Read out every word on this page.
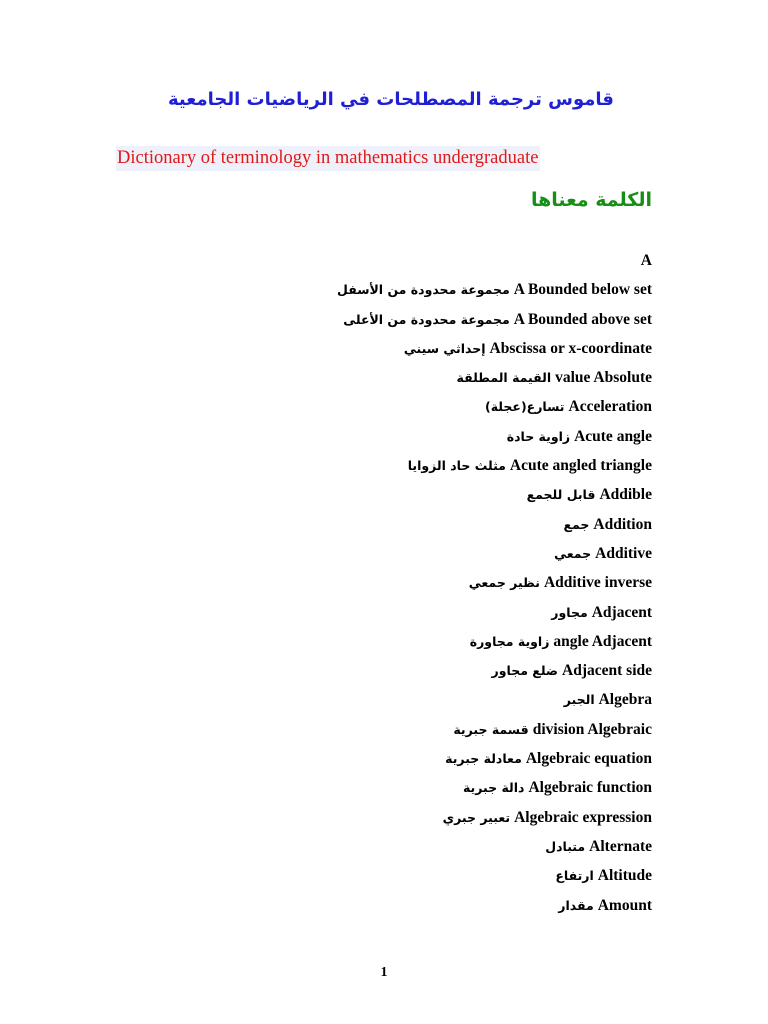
قاموس ترجمة المصطلحات في الرياضيات الجامعية
Dictionary of terminology in mathematics undergraduate
الكلمة معناها
A
مجموعة محدودة من الأسفل A Bounded below set
مجموعة محدودة من الأعلى A Bounded above set
إحداثي سيني Abscissa or x-coordinate
القيمة المطلقة value Absolute
تسارع(عجلة) Acceleration
زاوية حادة Acute angle
مثلث حاد الزوايا Acute angled triangle
قابل للجمع Addible
جمع Addition
جمعي Additive
نظير جمعي Additive inverse
مجاور Adjacent
زاوية مجاورة angle Adjacent
ضلع مجاور Adjacent side
الجبر Algebra
قسمة جبرية division Algebraic
معادلة جبرية Algebraic equation
دالة جبرية Algebraic function
تعبير جبري Algebraic expression
متبادل Alternate
ارتفاع Altitude
مقدار Amount
1
